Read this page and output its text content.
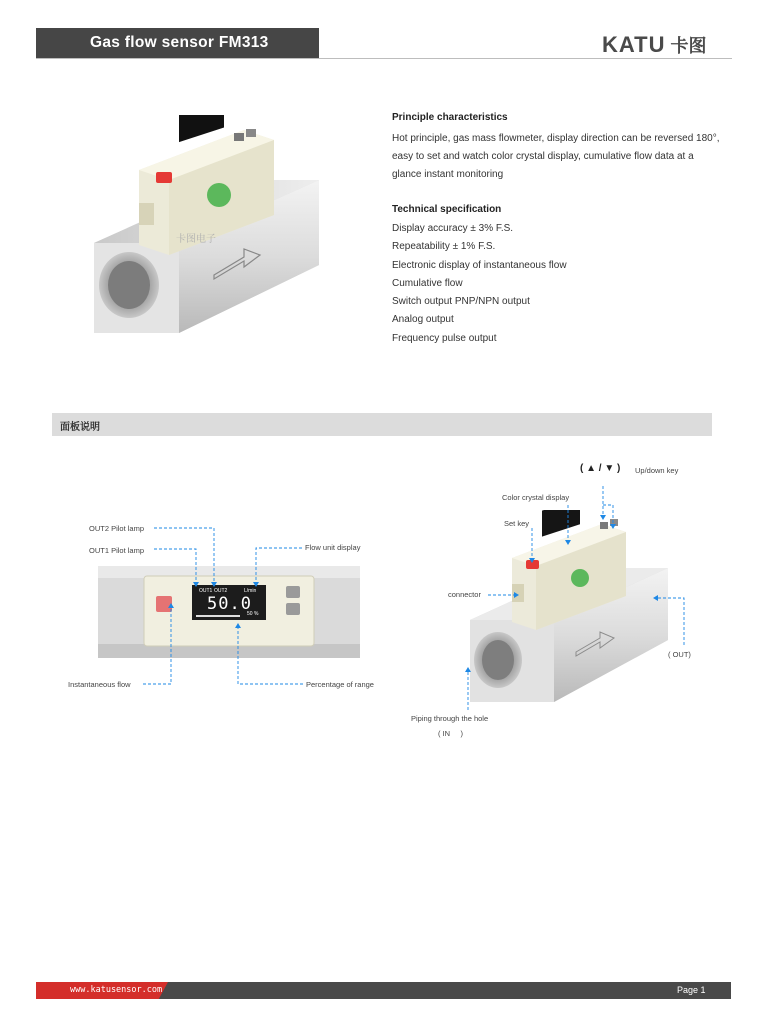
Gas flow sensor FM313	KATU 卡图
卡图电子
Principle characteristics
Hot principle, gas mass flowmeter, display direction can be reversed 180°, easy to set and watch color crystal display, cumulative flow data at a glance instant monitoring
Technical specification
Display accuracy ± 3% F.S.
Repeatability ± 1% F.S.
Electronic display of instantaneous flow
Cumulative flow
Switch output PNP/NPN output
Analog output
Frequency pulse output
面板说明
OUT1 OUT2	L/min
50.0
50 %
OUT2 Pilot lamp
OUT1 Pilot lamp	Flow unit display
Instantaneous flow	Percentage of range
( ▲ / ▼ ) Up/down key
Color crystal display
Set key
connector
( OUT)
Piping through the hole
( IN     )
www.katusensor.com	Page 1
